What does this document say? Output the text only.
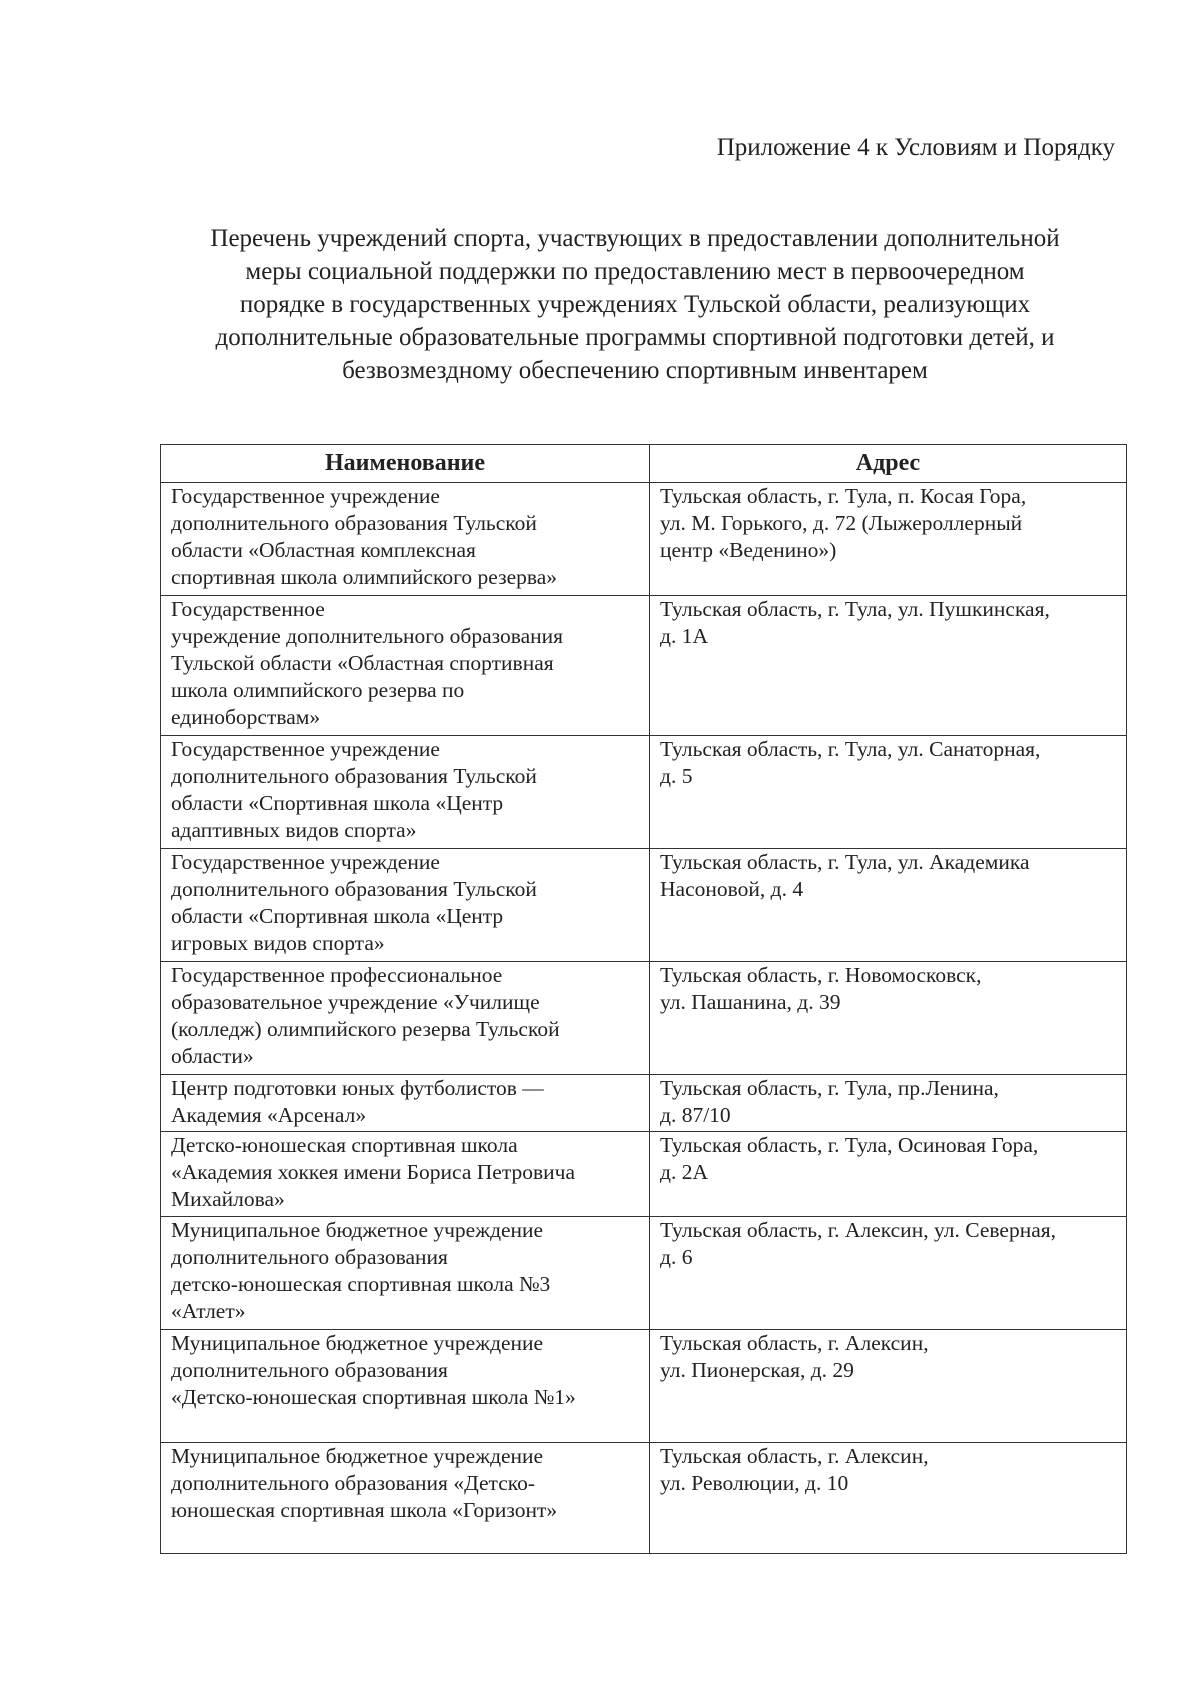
Приложение 4 к Условиям и Порядку
Перечень учреждений спорта, участвующих в предоставлении дополнительной
меры социальной поддержки по предоставлению мест в первоочередном
порядке в государственных учреждениях Тульской области, реализующих
дополнительные образовательные программы спортивной подготовки детей, и
безвозмездному обеспечению спортивным инвентарем
Наименование	Адрес

Государственное учреждение
дополнительного образования Тульской
области «Областная комплексная
спортивная школа олимпийского резерва»	Тульская область, г. Тула, п. Косая Гора,
ул. М. Горького, д. 72 (Лыжероллерный
центр «Веденино»)

Государственное
учреждение дополнительного образования
Тульской области «Областная спортивная
школа олимпийского резерва по
единоборствам»	Тульская область, г. Тула, ул. Пушкинская,
д. 1А

Государственное учреждение
дополнительного образования Тульской
области «Спортивная школа «Центр
адаптивных видов спорта»	Тульская область, г. Тула, ул. Санаторная,
д. 5

Государственное учреждение
дополнительного образования Тульской
области «Спортивная школа «Центр
игровых видов спорта»	Тульская область, г. Тула, ул. Академика
Насоновой, д. 4

Государственное профессиональное
образовательное учреждение «Училище
(колледж) олимпийского резерва Тульской
области»	Тульская область, г. Новомосковск,
ул. Пашанина, д. 39

Центр подготовки юных футболистов —
Академия «Арсенал»	Тульская область, г. Тула, пр.Ленина,
д. 87/10

Детско-юношеская спортивная школа
«Академия хоккея имени Бориса Петровича
Михайлова»	Тульская область, г. Тула, Осиновая Гора,
д. 2А

Муниципальное бюджетное учреждение
дополнительного образования
детско-юношеская спортивная школа №3
«Атлет»	Тульская область, г. Алексин, ул. Северная,
д. 6

Муниципальное бюджетное учреждение
дополнительного образования
«Детско-юношеская спортивная школа №1»	Тульская область, г. Алексин,
ул. Пионерская, д. 29

Муниципальное бюджетное учреждение
дополнительного образования «Детско-
юношеская спортивная школа «Горизонт»	Тульская область, г. Алексин,
ул. Революции, д. 10
